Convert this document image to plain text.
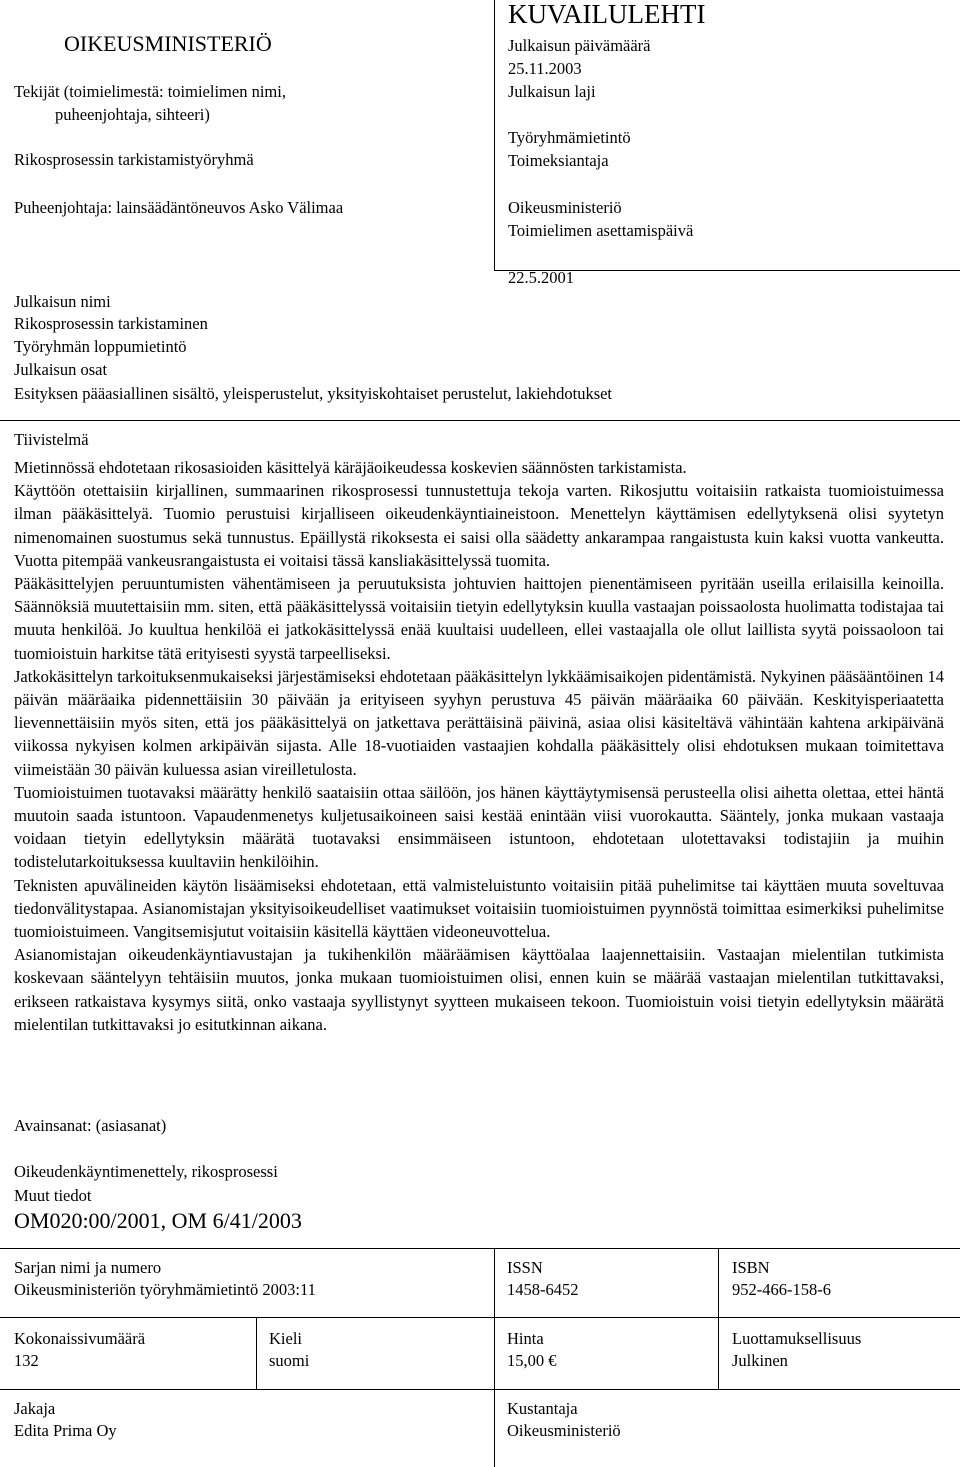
OIKEUSMINISTERIÖ
Tekijät (toimielimestä: toimielimen nimi,
puheenjohtaja, sihteeri)
Rikosprosessin tarkistamistyöryhmä
Puheenjohtaja: lainsäädäntöneuvos Asko Välimaa
KUVAILULEHTI
Julkaisun päivämäärä
25.11.2003
Julkaisun laji
Työryhmämietintö
Toimeksiantaja
Oikeusministeriö
Toimielimen asettamispäivä
22.5.2001
Julkaisun nimi
Rikosprosessin tarkistaminen
Työryhmän loppumietintö
Julkaisun osat
Esityksen pääasiallinen sisältö, yleisperustelut, yksityiskohtaiset perustelut, lakiehdotukset
Tiivistelmä

Mietinnössä ehdotetaan rikosasioiden käsittelyä käräjäoikeudessa koskevien säännösten tarkistamista.

Käyttöön otettaisiin kirjallinen, summaarinen rikosprosessi tunnustettuja tekoja varten. Rikosjuttu voitaisiin ratkaista tuomioistuimessa ilman pääkäsittelyä. Tuomio perustuisi kirjalliseen oikeudenkäyntiaineistoon. Menettelyn käyttämisen edellytyksenä olisi syytetyn nimenomainen suostumus sekä tunnustus. Epäillystä rikoksesta ei saisi olla säädetty ankarampaa rangaistusta kuin kaksi vuotta vankeutta. Vuotta pitempää vankeusrangaistusta ei voitaisi tässä kansliakäsittelyssä tuomita.

Pääkäsittelyjen peruuntumisten vähentämiseen ja peruutuksista johtuvien haittojen pienentämiseen pyritään useilla erilaisilla keinoilla. Säännöksiä muutettaisiin mm. siten, että pääkäsittelyssä voitaisiin tietyin edellytyksin kuulla vastaajan poissaolosta huolimatta todistajaa tai muuta henkilöä. Jo kuultua henkilöä ei jatkokäsittelyssä enää kuultaisi uudelleen, ellei vastaajalla ole ollut laillista syytä poissaoloon tai tuomioistuin harkitse tätä erityisesti syystä tarpeelliseksi.

Jatkokäsittelyn tarkoituksenmukaiseksi järjestämiseksi ehdotetaan pääkäsittelyn lykkäämisaikojen pidentämistä. Nykyinen pääsääntöinen 14 päivän määräaika pidennettäisiin 30 päivään ja erityiseen syyhyn perustuva 45 päivän määräaika 60 päivään. Keskityisperiaatetta lievennettäisiin myös siten, että jos pääkäsittelyä on jatkettava perättäisinä päivinä, asiaa olisi käsiteltävä vähintään kahtena arkipäivänä viikossa nykyisen kolmen arkipäivän sijasta. Alle 18-vuotiaiden vastaajien kohdalla pääkäsittely olisi ehdotuksen mukaan toimitettava viimeistään 30 päivän kuluessa asian vireilletulosta.

Tuomioistuimen tuotavaksi määrätty henkilö saataisiin ottaa säilöön, jos hänen käyttäytymisensä perusteella olisi aihetta olettaa, ettei häntä muutoin saada istuntoon. Vapaudenmenetys kuljetusaikoineen saisi kestää enintään viisi vuorokautta. Sääntely, jonka mukaan vastaaja voidaan tietyin edellytyksin määrätä tuotavaksi ensimmäiseen istuntoon, ehdotetaan ulotettavaksi todistajiin ja muihin todistelutarkoituksessa kuultaviin henkilöihin.

Teknisten apuvälineiden käytön lisäämiseksi ehdotetaan, että valmisteluistunto voitaisiin pitää puhelimitse tai käyttäen muuta soveltuvaa tiedonvälitystapaa. Asianomistajan yksityisoikeudelliset vaatimukset voitaisiin tuomioistuimen pyynnöstä toimittaa esimerkiksi puhelimitse tuomioistuimeen. Vangitsemisjutut voitaisiin käsitellä käyttäen videoneuvottelua.

Asianomistajan oikeudenkäyntiavustajan ja tukihenkilön määräämisen käyttöalaa laajennettaisiin. Vastaajan mielentilan tutkimista koskevaan sääntelyyn tehtäisiin muutos, jonka mukaan tuomioistuimen olisi, ennen kuin se määrää vastaajan mielentilan tutkittavaksi, erikseen ratkaistava kysymys siitä, onko vastaaja syyllistynyt syytteen mukaiseen tekoon. Tuomioistuin voisi tietyin edellytyksin määrätä mielentilan tutkittavaksi jo esitutkinnan aikana.

Avainsanat: (asiasanat)
Oikeudenkäyntimenettely, rikosprosessi
Muut tiedot
OM020:00/2001, OM 6/41/2003
Sarjan nimi ja numero
Oikeusministeriön työryhmämietintö 2003:11
ISSN
1458-6452
ISBN
952-466-158-6
Kokonaissivumäärä
132
Kieli
suomi
Hinta
15,00 €
Luottamuksellisuus
Julkinen
Jakaja
Edita Prima Oy
Kustantaja
Oikeusministeriö
